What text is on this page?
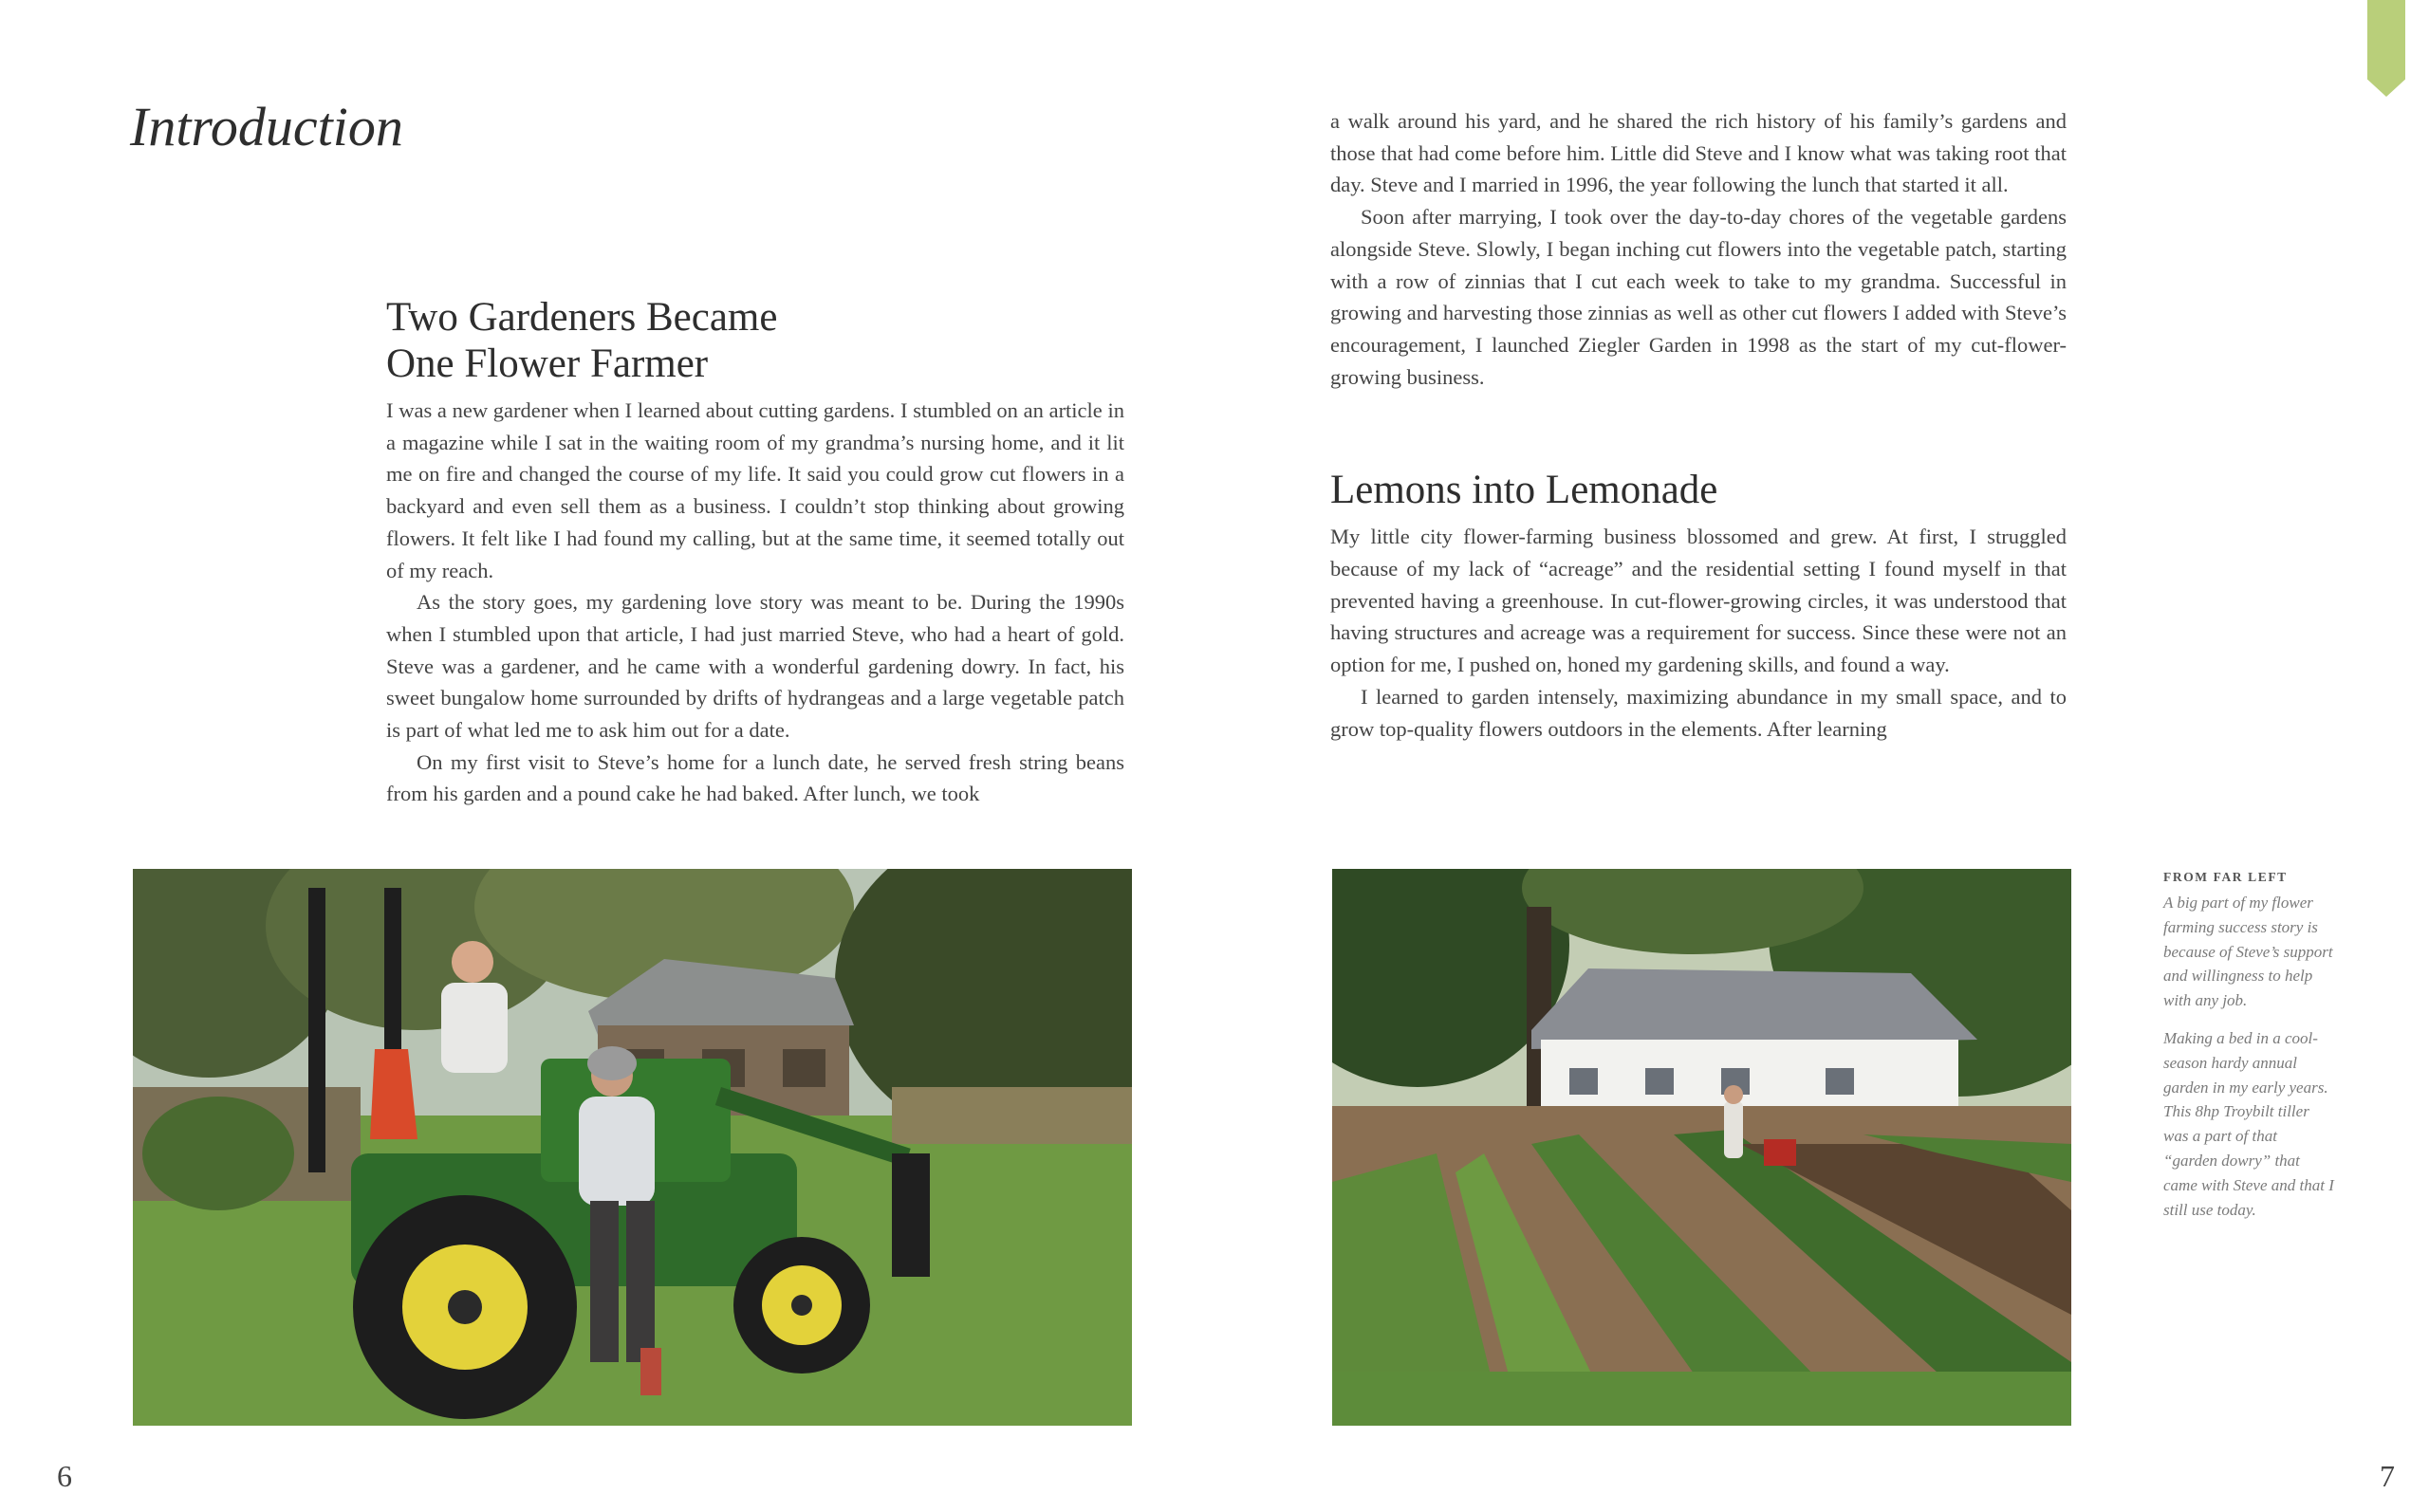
Introduction
Two Gardeners Became
One Flower Farmer

I was a new gardener when I learned about cutting gardens. I stumbled on an article in a magazine while I sat in the waiting room of my grandma’s nursing home, and it lit me on fire and changed the course of my life. It said you could grow cut flowers in a backyard and even sell them as a business. I couldn’t stop thinking about growing flowers. It felt like I had found my calling, but at the same time, it seemed totally out of my reach.

As the story goes, my gardening love story was meant to be. During the 1990s when I stumbled upon that article, I had just married Steve, who had a heart of gold. Steve was a gardener, and he came with a wonderful gardening dowry. In fact, his sweet bungalow home surrounded by drifts of hydrangeas and a large vegetable patch is part of what led me to ask him out for a date.

On my first visit to Steve’s home for a lunch date, he served fresh string beans from his garden and a pound cake he had baked. After lunch, we took

a walk around his yard, and he shared the rich history of his family’s gardens and those that had come before him. Little did Steve and I know what was taking root that day. Steve and I married in 1996, the year following the lunch that started it all.

Soon after marrying, I took over the day-to-day chores of the vegetable gardens alongside Steve. Slowly, I began inching cut flowers into the vegetable patch, starting with a row of zinnias that I cut each week to take to my grandma. Successful in growing and harvesting those zinnias as well as other cut flowers I added with Steve’s encouragement, I launched Ziegler Garden in 1998 as the start of my cut-flower-growing business.

Lemons into Lemonade

My little city flower-farming business blossomed and grew. At first, I struggled because of my lack of “acreage” and the residential setting I found myself in that prevented having a greenhouse. In cut-flower-growing circles, it was understood that having structures and acreage was a requirement for success. Since these were not an option for me, I pushed on, honed my gardening skills, and found a way.

I learned to garden intensely, maximizing abundance in my small space, and to grow top-quality flowers outdoors in the elements. After learning

FROM FAR LEFT

A big part of my flower farming success story is because of Steve’s support and willingness to help with any job.

Making a bed in a cool-season hardy annual garden in my early years. This 8hp Troybilt tiller was a part of that “garden dowry” that came with Steve and that I still use today.

6	7
